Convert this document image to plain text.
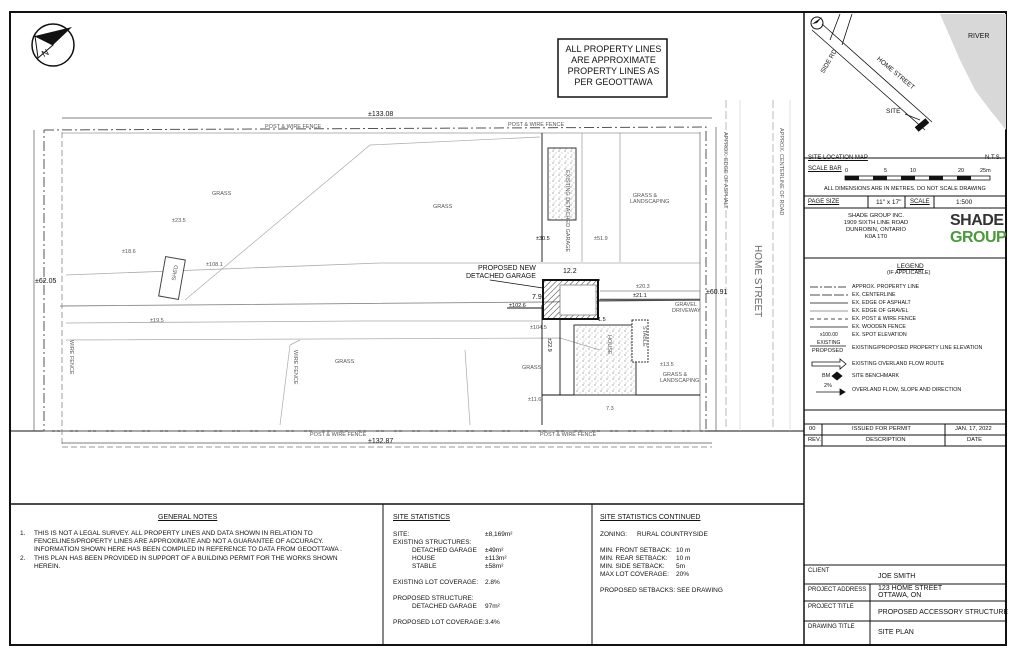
ALL PROPERTY LINES
ARE APPROXIMATE
PROPERTY LINES AS
PER GEOOTTAWA
N
±133.08
±132.87
±62.05
±60.91
POST & WIRE FENCE	POST & WIRE FENCE
POST & WIRE FENCE	POST & WIRE FENCE
GRASS
GRASS
GRASS
GRASS
GRASS & LANDSCAPING
GRASS & LANDSCAPING
GRAVEL DRIVEWAY
SHED
EXISTING DETACHED GARAGE
HOUSE	STABLE
APPROX. EDGE OF ASPHALT	APPROX. CENTERLINE OF ROAD
WIRE FENCE	WIRE FENCE
HOME STREET
PROPOSED NEW
DETACHED GARAGE
12.2
7.9
±30.5
±102.6
±21.1
±22.9
1.5
±11.6
7.3
±13.5
±23.5
±19.5
±51.9
±104.5
±108.1
±20.3
±18.6
RIVER
SIDE RD	HOME STREET
SITE
SITE LOCATION MAP	N.T.S.
SCALE BAR 0	5	10	20	25m
ALL DIMENSIONS ARE IN METRES. DO NOT SCALE DRAWING
PAGE SIZE	11" x 17" SCALE	1:500
SHADE GROUP INC.
1909 SIXTH LINE ROAD
DUNROBIN, ONTARIO
K0A 1T0
SHADE
GROUP
LEGEND
(IF APPLICABLE)
APPROX. PROPERTY LINE
EX. CENTERLINE
EX. EDGE OF ASPHALT
EX. EDGE OF GRAVEL
EX. POST & WIRE FENCE
EX. WOODEN FENCE
EX. SPOT ELEVATION
x100.00
EXISTING
PROPOSED EXISTING/PROPOSED PROPERTY LINE ELEVATION
EXISTING OVERLAND FLOW ROUTE
BM	SITE BENCHMARK
2%
OVERLAND FLOW, SLOPE AND DIRECTION
00	ISSUED FOR PERMIT	JAN. 17, 2022
REV.	DESCRIPTION	DATE
CLIENT
JOE SMITH
PROJECT ADDRESS 123 HOME STREET
OTTAWA, ON
PROJECT TITLE
PROPOSED ACCESSORY STRUCTURE
DRAWING TITLE
SITE PLAN
GENERAL NOTES
1. THIS IS NOT A LEGAL SURVEY. ALL PROPERTY LINES AND DATA SHOWN IN RELATION TO
FENCELINES/PROPERTY LINES ARE APPROXIMATE AND NOT A GUARANTEE OF ACCURACY.
INFORMATION SHOWN HERE HAS BEEN COMPILED IN REFERENCE TO DATA FROM GEOOTTAWA .
2. THIS PLAN HAS BEEN PROVIDED IN SUPPORT OF A BUILDING PERMIT FOR THE WORKS SHOWN
HEREIN.
SITE STATISTICS
SITE:	±8,169m²
EXISTING STRUCTURES:
DETACHED GARAGE ±49m²
HOUSE	±113m²
STABLE	±58m²
EXISTING LOT COVERAGE: 2.8%
PROPOSED STRUCTURE:
DETACHED GARAGE 97m²
PROPOSED LOT COVERAGE: 3.4%
SITE STATISTICS CONTINUED
ZONING: RURAL COUNTRYSIDE
MIN. FRONT SETBACK: 10 m
MIN. REAR SETBACK: 10 m
MIN. SIDE SETBACK: 5m
MAX LOT COVERAGE: 20%
PROPOSED SETBACKS: SEE DRAWING
